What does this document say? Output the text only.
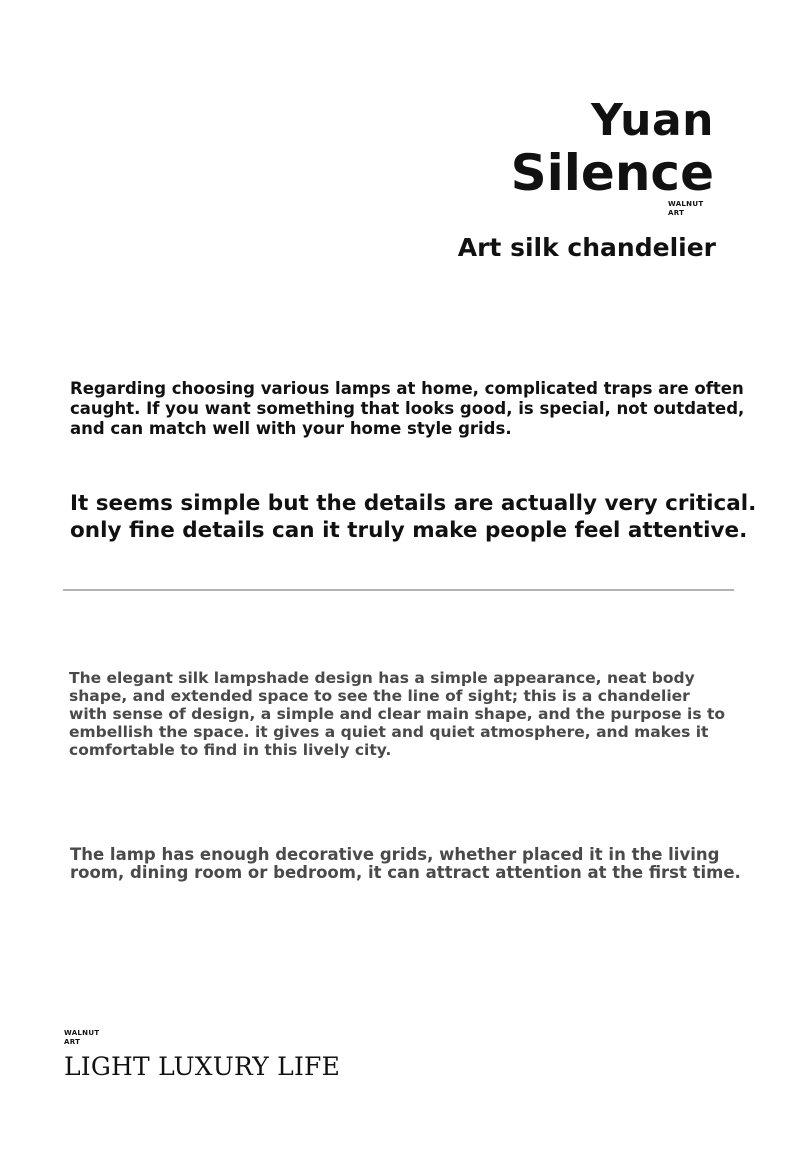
Yuan
Silence
WALNUT
ART
Art silk chandelier
Regarding choosing various lamps at home, complicated traps are often caught. If you want something that looks good, is special, not outdated, and can match well with your home style grids.
It seems simple but the details are actually very critical. only fine details can it truly make people feel attentive.
The elegant silk lampshade design has a simple appearance, neat body shape, and extended space to see the line of sight; this is a chandelier with sense of design, a simple and clear main shape, and the purpose is to embellish the space. it gives a quiet and quiet atmosphere, and makes it comfortable to find in this lively city.
The lamp has enough decorative grids, whether placed it in the living room, dining room or bedroom, it can attract attention at the first time.
WALNUT
ART
LIGHT LUXURY LIFE
